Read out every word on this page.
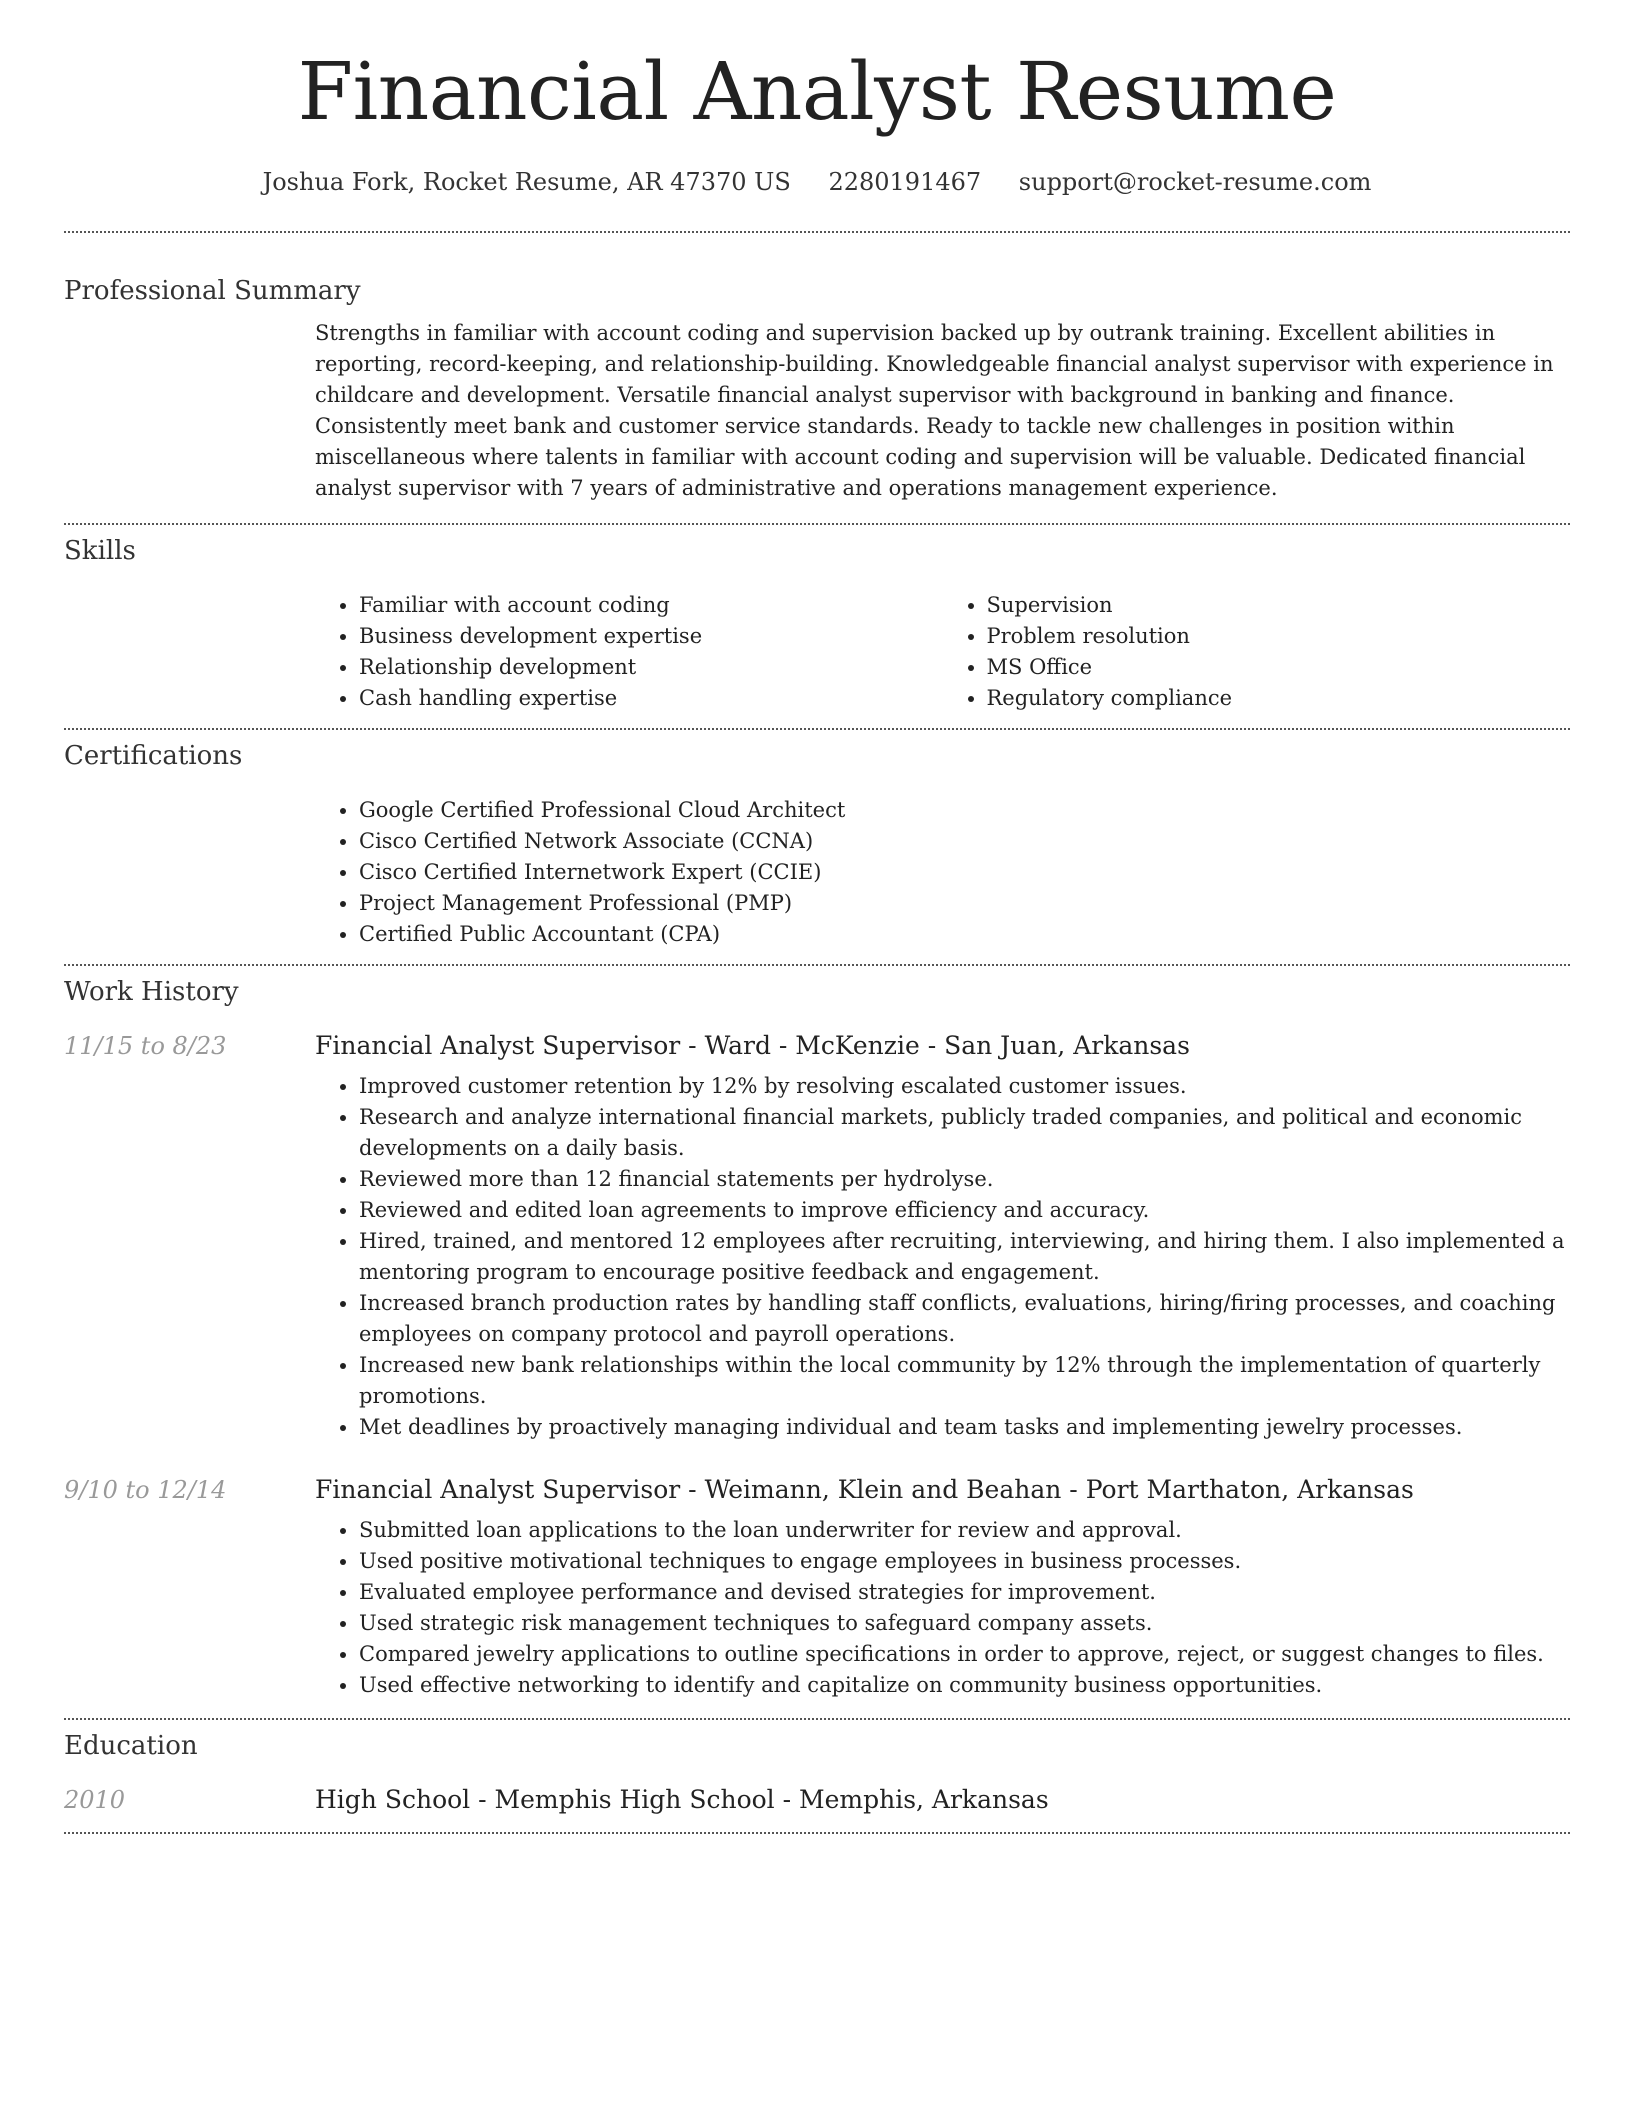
Financial Analyst Resume
Joshua Fork, Rocket Resume, AR 47370 US 2280191467 support@rocket-resume.com
Professional Summary

Strengths in familiar with account coding and supervision backed up by outrank training. Excellent abilities in reporting, record-keeping, and relationship-building. Knowledgeable financial analyst supervisor with experience in childcare and development. Versatile financial analyst supervisor with background in banking and finance. Consistently meet bank and customer service standards. Ready to tackle new challenges in position within miscellaneous where talents in familiar with account coding and supervision will be valuable. Dedicated financial analyst supervisor with 7 years of administrative and operations management experience.

Skills
• Familiar with account coding
• Business development expertise
• Relationship development
• Cash handling expertise
• Supervision
• Problem resolution
• MS Office
• Regulatory compliance
Certifications
• Google Certified Professional Cloud Architect
• Cisco Certified Network Associate (CCNA)
• Cisco Certified Internetwork Expert (CCIE)
• Project Management Professional (PMP)
• Certified Public Accountant (CPA)
Work History
11/15 to 8/23	Financial Analyst Supervisor - Ward - McKenzie - San Juan, Arkansas
• Improved customer retention by 12% by resolving escalated customer issues.
• Research and analyze international financial markets, publicly traded companies, and political and economic developments on a daily basis.
• Reviewed more than 12 financial statements per hydrolyse.
• Reviewed and edited loan agreements to improve efficiency and accuracy.
• Hired, trained, and mentored 12 employees after recruiting, interviewing, and hiring them. I also implemented a mentoring program to encourage positive feedback and engagement.
• Increased branch production rates by handling staff conflicts, evaluations, hiring/firing processes, and coaching employees on company protocol and payroll operations.
• Increased new bank relationships within the local community by 12% through the implementation of quarterly promotions.
• Met deadlines by proactively managing individual and team tasks and implementing jewelry processes.
9/10 to 12/14	Financial Analyst Supervisor - Weimann, Klein and Beahan - Port Marthaton, Arkansas
• Submitted loan applications to the loan underwriter for review and approval.
• Used positive motivational techniques to engage employees in business processes.
• Evaluated employee performance and devised strategies for improvement.
• Used strategic risk management techniques to safeguard company assets.
• Compared jewelry applications to outline specifications in order to approve, reject, or suggest changes to files.
• Used effective networking to identify and capitalize on community business opportunities.
Education
2010	High School - Memphis High School - Memphis, Arkansas
